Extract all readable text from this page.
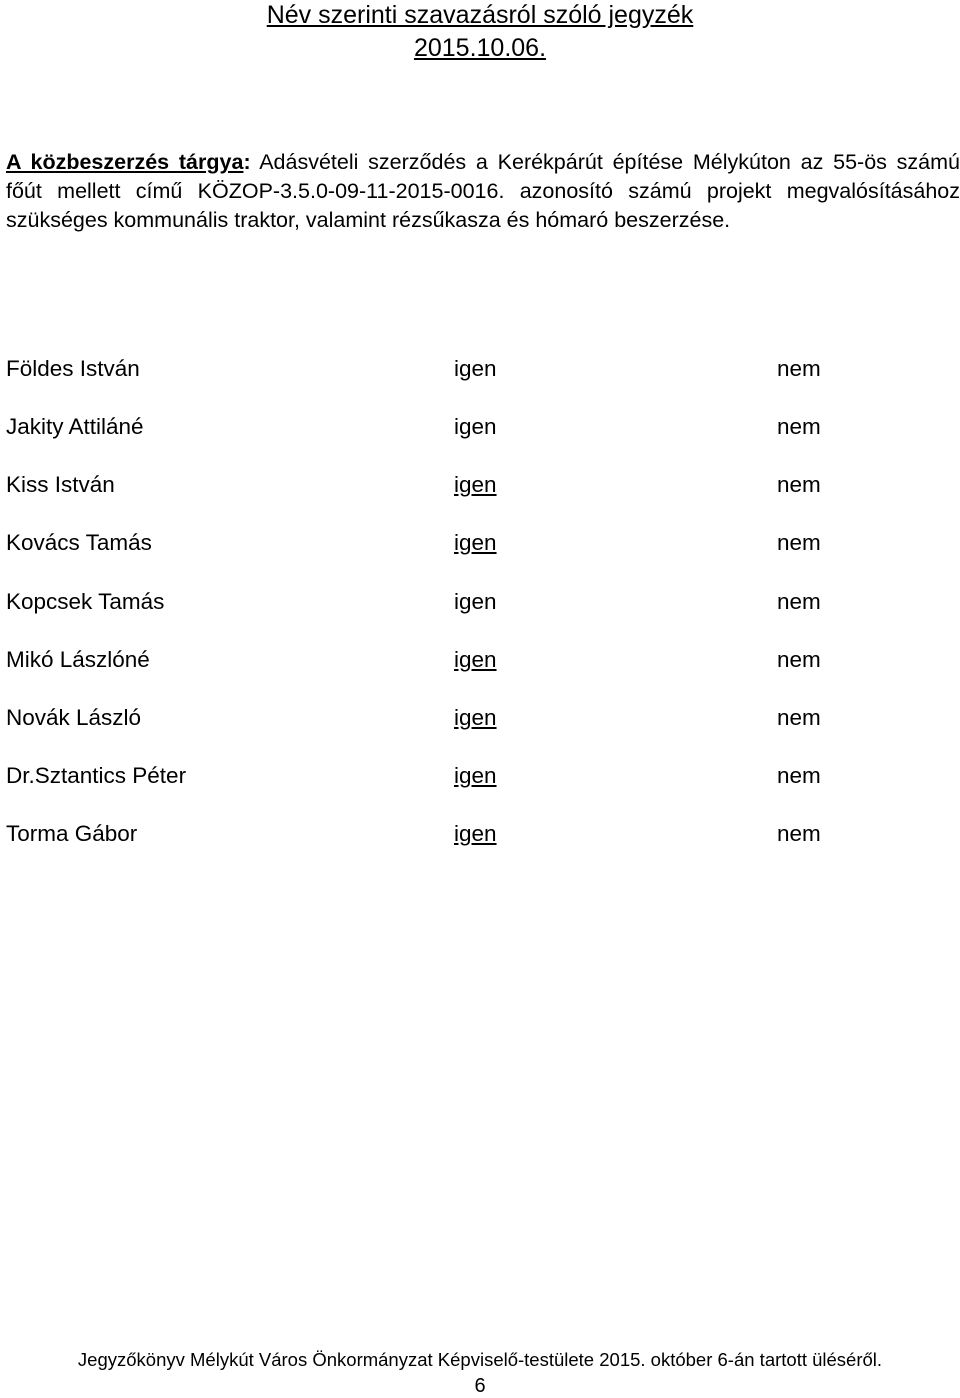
Név szerinti szavazásról szóló jegyzék
2015.10.06.
A közbeszerzés tárgya: Adásvételi szerződés a Kerékpárút építése Mélykúton az 55-ös számú főút mellett című KÖZOP-3.5.0-09-11-2015-0016. azonosító számú projekt megvalósításához szükséges kommunális traktor, valamint rézsűkasza és hómaró beszerzése.
Földes István	igen	nem
Jakity Attiláné	igen	nem
Kiss István	igen	nem
Kovács Tamás	igen	nem
Kopcsek Tamás	igen	nem
Mikó Lászlóné	igen	nem
Novák László	igen	nem
Dr.Sztantics Péter	igen	nem
Torma Gábor	igen	nem
Jegyzőkönyv Mélykút Város Önkormányzat Képviselő-testülete 2015. október 6-án tartott üléséről.
6
